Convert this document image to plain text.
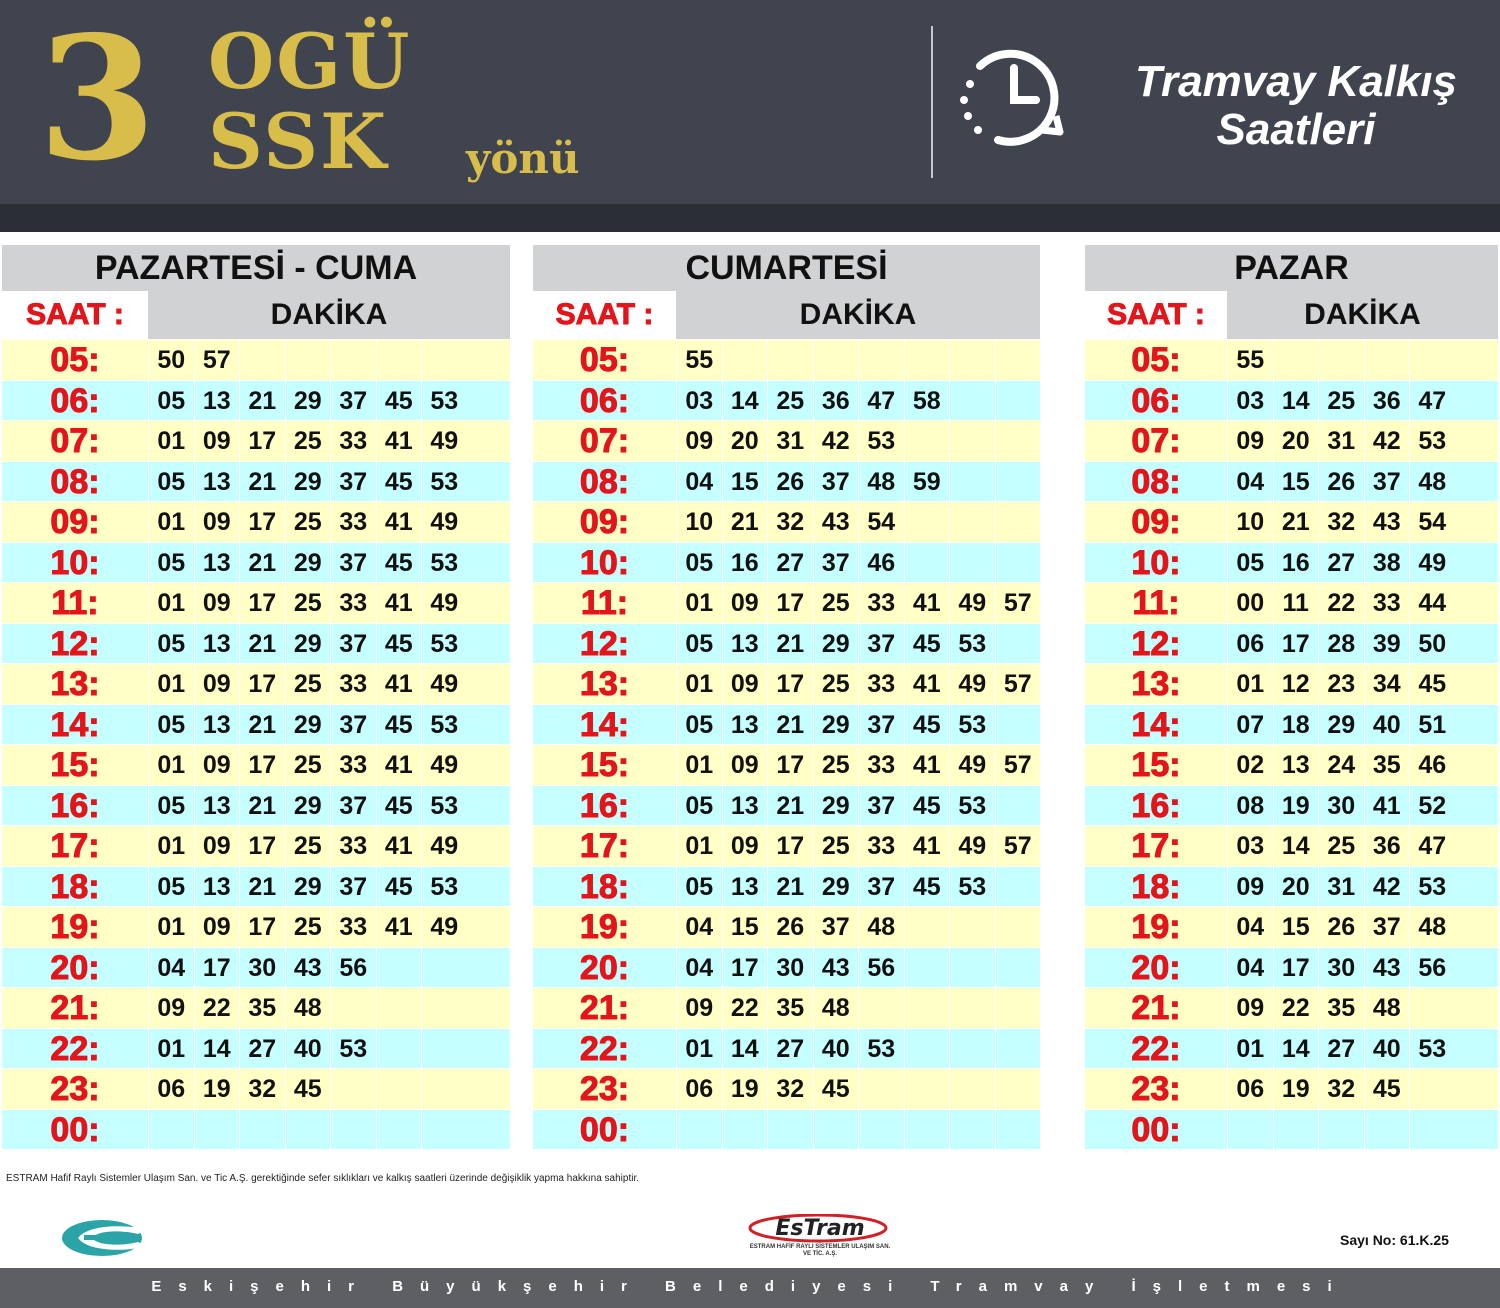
3 OGÜ
SSK yönü
Tramvay Kalkış
Saatleri
PAZARTESİ - CUMA
SAAT :	DAKİKA
05:	50 57
06:	05 13 21 29 37 45 53
07:	01 09 17 25 33 41 49
08:	05 13 21 29 37 45 53
09:	01 09 17 25 33 41 49
10:	05 13 21 29 37 45 53
11:	01 09 17 25 33 41 49
12:	05 13 21 29 37 45 53
13:	01 09 17 25 33 41 49
14:	05 13 21 29 37 45 53
15:	01 09 17 25 33 41 49
16:	05 13 21 29 37 45 53
17:	01 09 17 25 33 41 49
18:	05 13 21 29 37 45 53
19:	01 09 17 25 33 41 49
20:	04 17 30 43 56
21:	09 22 35 48
22:	01 14 27 40 53
23:	06 19 32 45
00:
CUMARTESİ
SAAT :	DAKİKA
05:	55
06:	03 14 25 36 47 58
07:	09 20 31 42 53
08:	04 15 26 37 48 59
09:	10 21 32 43 54
10:	05 16 27 37 46
11:	01 09 17 25 33 41 49 57
12:	05 13 21 29 37 45 53
13:	01 09 17 25 33 41 49 57
14:	05 13 21 29 37 45 53
15:	01 09 17 25 33 41 49 57
16:	05 13 21 29 37 45 53
17:	01 09 17 25 33 41 49 57
18:	05 13 21 29 37 45 53
19:	04 15 26 37 48
20:	04 17 30 43 56
21:	09 22 35 48
22:	01 14 27 40 53
23:	06 19 32 45
00:
PAZAR
SAAT :	DAKİKA
05:	55
06:	03 14 25 36 47
07:	09 20 31 42 53
08:	04 15 26 37 48
09:	10 21 32 43 54
10:	05 16 27 38 49
11:	00 11 22 33 44
12:	06 17 28 39 50
13:	01 12 23 34 45
14:	07 18 29 40 51
15:	02 13 24 35 46
16:	08 19 30 41 52
17:	03 14 25 36 47
18:	09 20 31 42 53
19:	04 15 26 37 48
20:	04 17 30 43 56
21:	09 22 35 48
22:	01 14 27 40 53
23:	06 19 32 45
00:
ESTRAM Hafif Raylı Sistemler Ulaşım San. ve Tic A.Ş. gerektiğinde sefer sıklıkları ve kalkış saatleri üzerinde değişiklik yapma hakkına sahiptir.
EsTram
ESTRAM HAFİF RAYLI SİSTEMLER ULAŞIM SAN. VE TİC. A.Ş.
Sayı No: 61.K.25
Eskişehir Büyükşehir Belediyesi Tramvay İşletmesi
